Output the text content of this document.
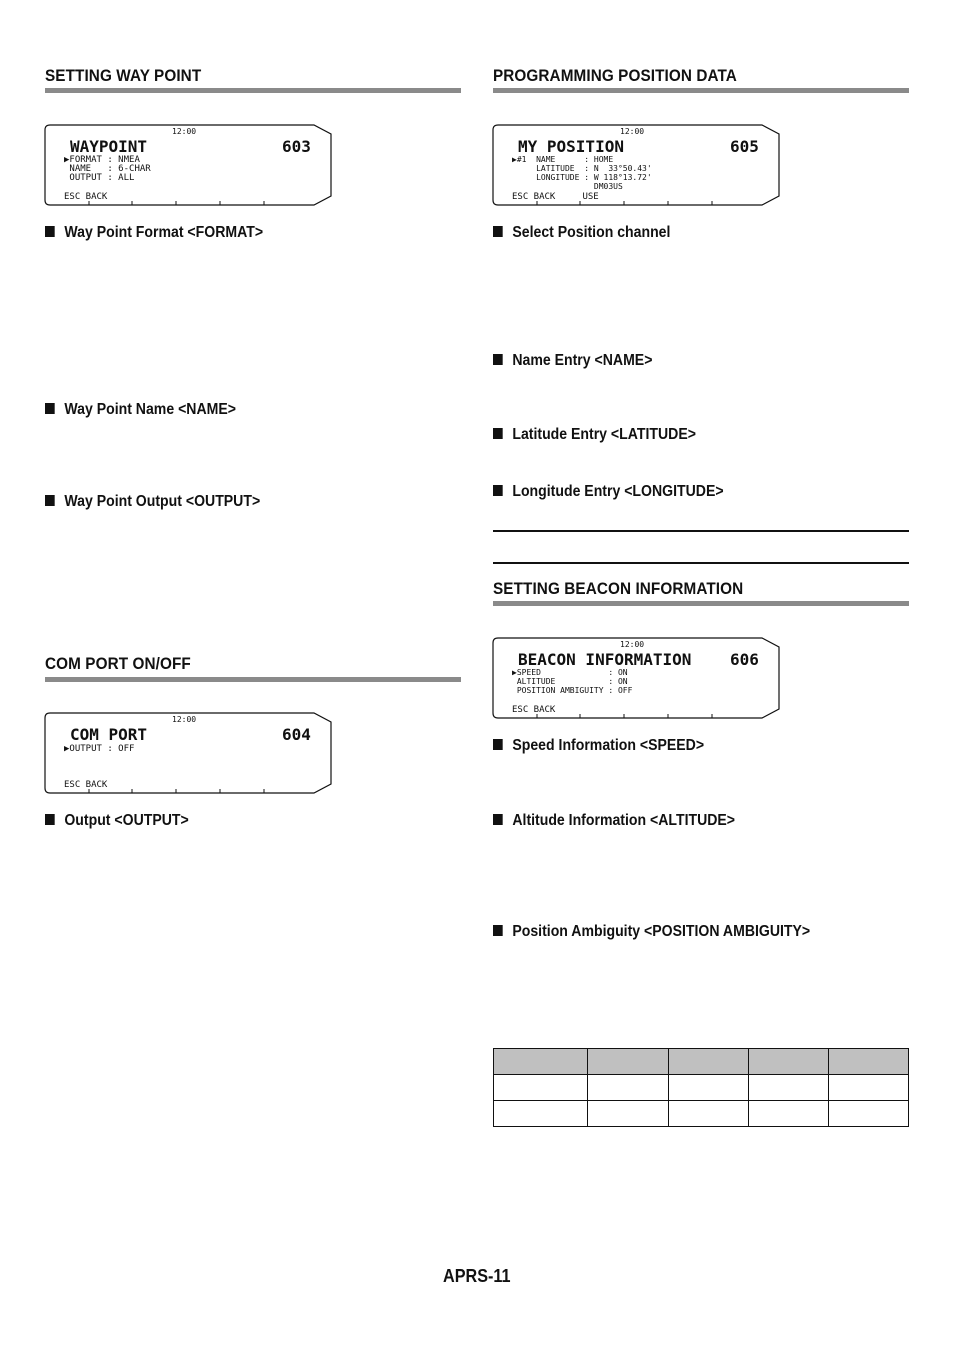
SETTING WAY POINT
12:00
WAYPOINT	603
▶FORMAT : NMEA
NAME   : 6-CHAR
OUTPUT : ALL
ESC BACK
Way Point Format <FORMAT>
Way Point Name <NAME>
Way Point Output <OUTPUT>
COM PORT ON/OFF
12:00
COM PORT	604
▶OUTPUT : OFF
ESC BACK
Output <OUTPUT>
PROGRAMMING POSITION DATA
12:00
MY POSITION	605
▶#1  NAME      : HOME
LATITUDE  : N  33°50.43'
LONGITUDE : W 118°13.72'
DM03US
ESC BACK     USE
Select Position channel
Name Entry <NAME>
Latitude Entry <LATITUDE>
Longitude Entry <LONGITUDE>
SETTING BEACON INFORMATION
12:00
BEACON INFORMATION 606
▶SPEED              : ON
ALTITUDE           : ON
POSITION AMBIGUITY : OFF
ESC BACK
Speed Information <SPEED>
Altitude Information <ALTITUDE>
Position Ambiguity <POSITION AMBIGUITY>

APRS-11
